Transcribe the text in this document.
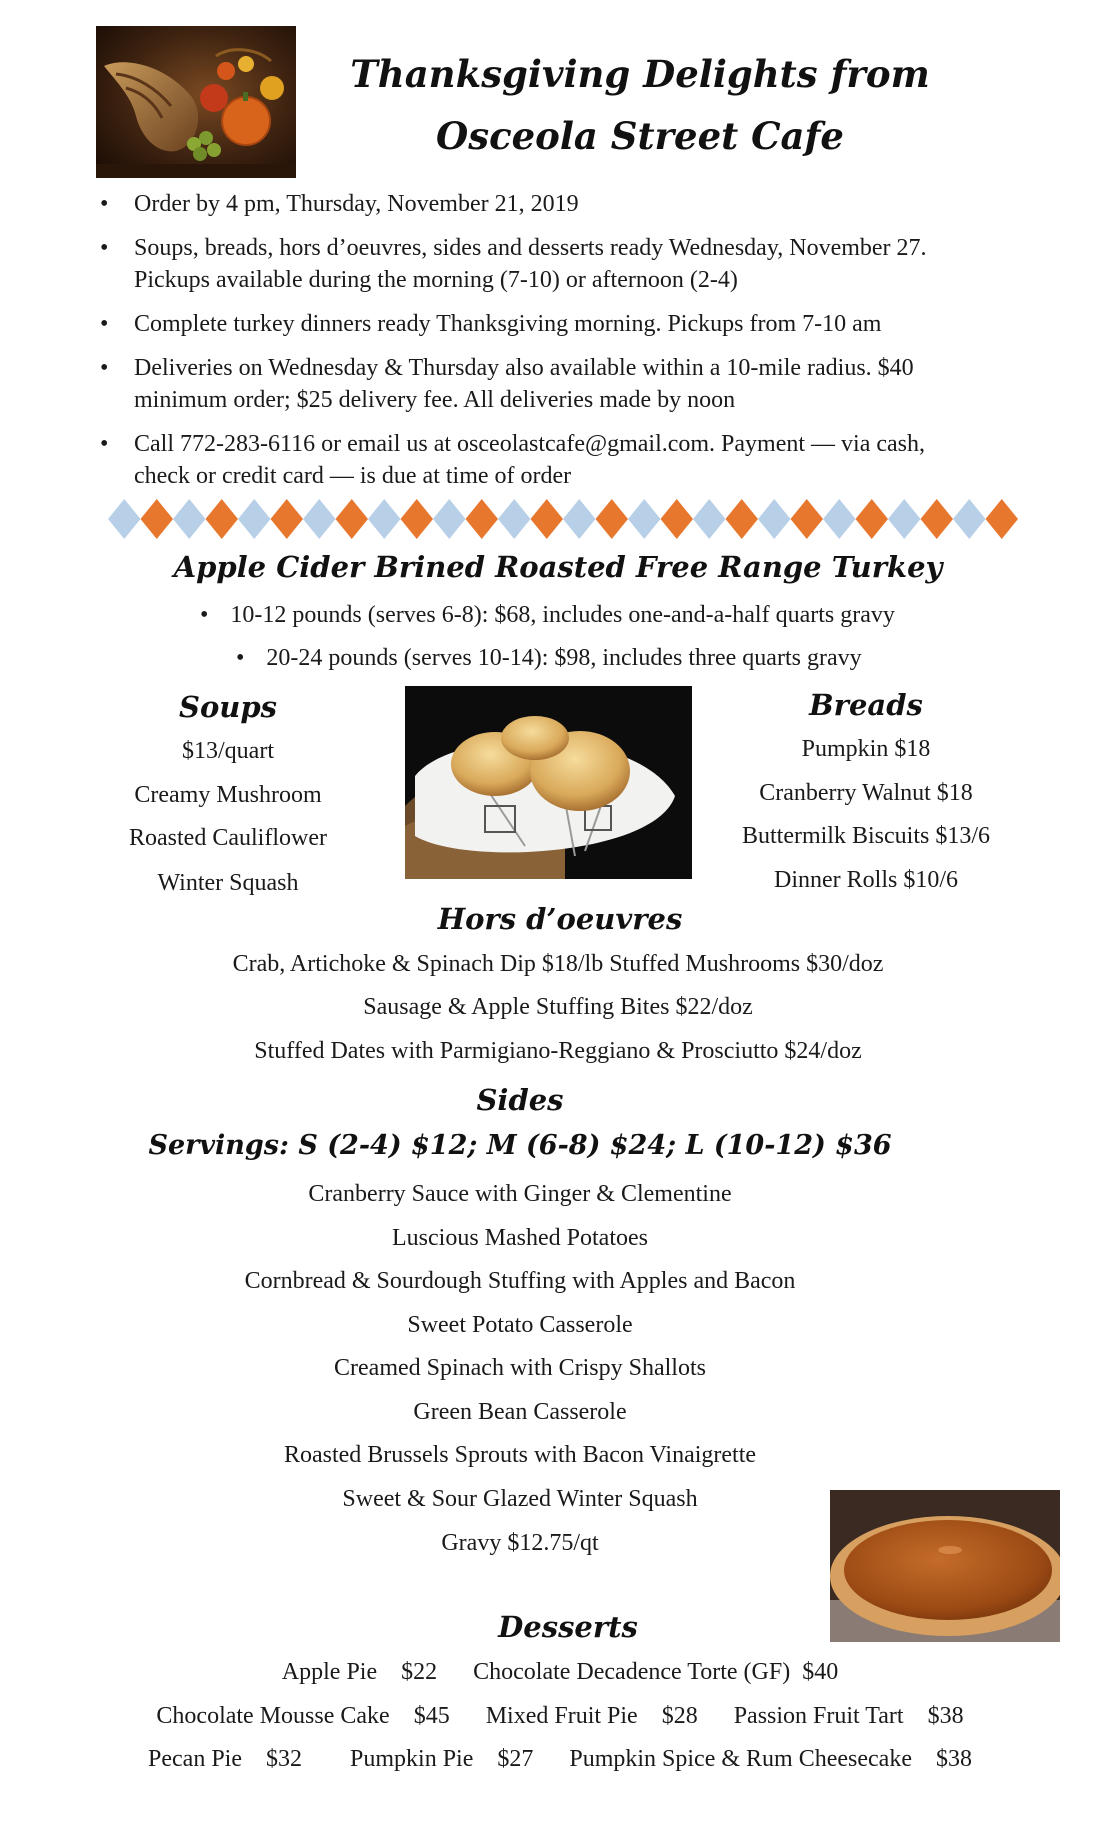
Thanksgiving Delights from
Osceola Street Cafe
• Order by 4 pm, Thursday, November 21, 2019
• Soups, breads, hors d’oeuvres, sides and desserts ready Wednesday, November 27.
Pickups available during the morning (7-10) or afternoon (2-4)
• Complete turkey dinners ready Thanksgiving morning. Pickups from 7-10 am
• Deliveries on Wednesday & Thursday also available within a 10-mile radius. $40
minimum order; $25 delivery fee. All deliveries made by noon
• Call 772-283-6116 or email us at osceolastcafe@gmail.com. Payment — via cash,
check or credit card — is due at time of order
Apple Cider Brined Roasted Free Range Turkey
• 10-12 pounds (serves 6-8): $68, includes one-and-a-half quarts gravy
• 20-24 pounds (serves 10-14): $98, includes three quarts gravy
Soups
$13/quart
Creamy Mushroom
Roasted Cauliflower
Winter Squash
Breads
Pumpkin $18
Cranberry Walnut $18
Buttermilk Biscuits $13/6
Dinner Rolls $10/6
Hors d’oeuvres
Crab, Artichoke & Spinach Dip $18/lb Stuffed Mushrooms $30/doz
Sausage & Apple Stuffing Bites $22/doz
Stuffed Dates with Parmigiano-Reggiano & Prosciutto $24/doz
Sides
Servings: S (2-4) $12; M (6-8) $24; L (10-12) $36
Cranberry Sauce with Ginger & Clementine
Luscious Mashed Potatoes
Cornbread & Sourdough Stuffing with Apples and Bacon
Sweet Potato Casserole
Creamed Spinach with Crispy Shallots
Green Bean Casserole
Roasted Brussels Sprouts with Bacon Vinaigrette
Sweet & Sour Glazed Winter Squash
Gravy $12.75/qt
Desserts
Apple Pie    $22      Chocolate Decadence Torte (GF)  $40
Chocolate Mousse Cake    $45      Mixed Fruit Pie    $28      Passion Fruit Tart    $38
Pecan Pie    $32        Pumpkin Pie    $27      Pumpkin Spice & Rum Cheesecake    $38
